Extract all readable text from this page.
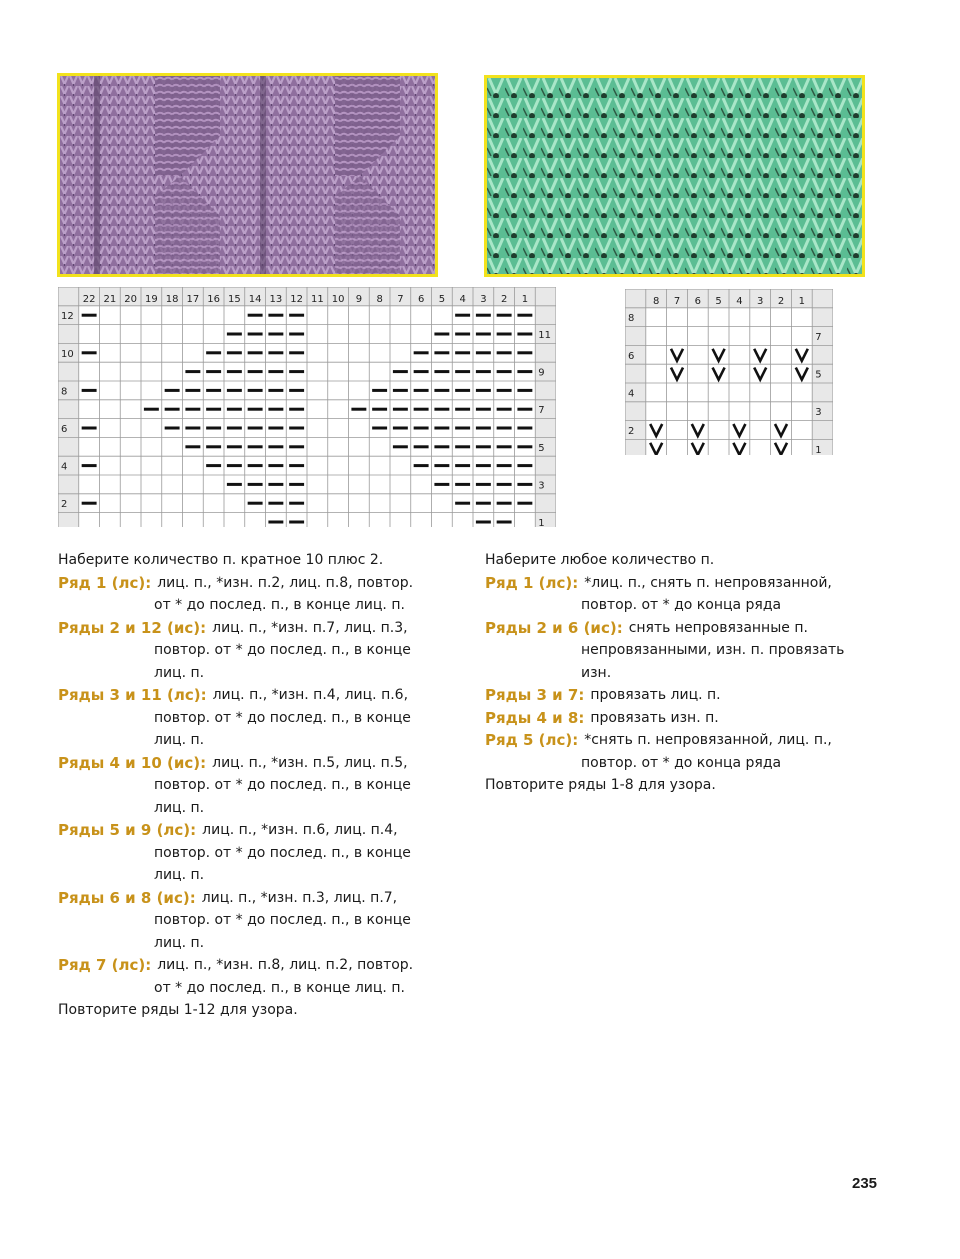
22 21 20 19 18 17 16 15 14 13 12 11 10 9 8 7 6 5 4 3 2 1
12
11
10
9
8
7
6
5
4
3
2
1
8 7 6 5 4 3 2 1
8
7
6
5
4
3
2
1
Наберите количество п. кратное 10 плюс 2.
Ряд 1 (лс): лиц. п., *изн. п.2, лиц. п.8, повтор.
от * до послед. п., в конце лиц. п.
Ряды 2 и 12 (ис): лиц. п., *изн. п.7, лиц. п.3,
повтор. от * до послед. п., в конце
лиц. п.
Ряды 3 и 11 (лс): лиц. п., *изн. п.4, лиц. п.6,
повтор. от * до послед. п., в конце
лиц. п.
Ряды 4 и 10 (ис): лиц. п., *изн. п.5, лиц. п.5,
повтор. от * до послед. п., в конце
лиц. п.
Ряды 5 и 9 (лс): лиц. п., *изн. п.6, лиц. п.4,
повтор. от * до послед. п., в конце
лиц. п.
Ряды 6 и 8 (ис): лиц. п., *изн. п.3, лиц. п.7,
повтор. от * до послед. п., в конце
лиц. п.
Ряд 7 (лс): лиц. п., *изн. п.8, лиц. п.2, повтор.
от * до послед. п., в конце лиц. п.
Повторите ряды 1-12 для узора.
Наберите любое количество п.
Ряд 1 (лс): *лиц. п., снять п. непровязанной,
повтор. от * до конца ряда
Ряды 2 и 6 (ис): снять непровязанные п.
непровязанными, изн. п. провязать
изн.
Ряды 3 и 7: провязать лиц. п.
Ряды 4 и 8: провязать изн. п.
Ряд 5 (лс): *снять п. непровязанной, лиц. п.,
повтор. от * до конца ряда
Повторите ряды 1-8 для узора.
235
